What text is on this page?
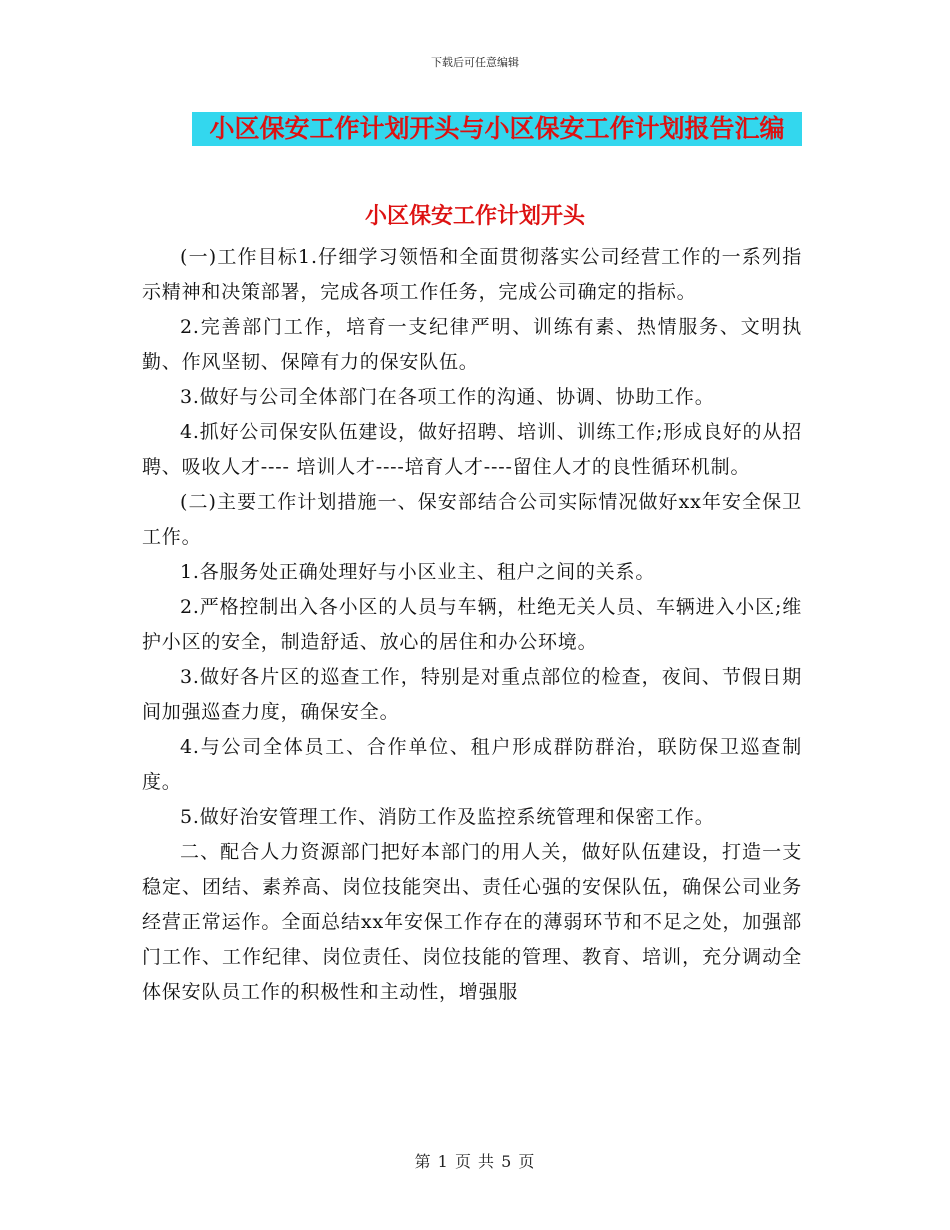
下载后可任意编辑
小区保安工作计划开头与小区保安工作计划报告汇编
小区保安工作计划开头

(一)工作目标1.仔细学习领悟和全面贯彻落实公司经营工作的一系列指示精神和决策部署，完成各项工作任务，完成公司确定的指标。

2.完善部门工作，培育一支纪律严明、训练有素、热情服务、文明执勤、作风坚韧、保障有力的保安队伍。

3.做好与公司全体部门在各项工作的沟通、协调、协助工作。

4.抓好公司保安队伍建设，做好招聘、培训、训练工作;形成良好的从招聘、吸收人才---- 培训人才----培育人才----留住人才的良性循环机制。

(二)主要工作计划措施一、保安部结合公司实际情况做好xx年安全保卫工作。

1.各服务处正确处理好与小区业主、租户之间的关系。

2.严格控制出入各小区的人员与车辆，杜绝无关人员、车辆进入小区;维护小区的安全，制造舒适、放心的居住和办公环境。

3.做好各片区的巡查工作，特别是对重点部位的检查，夜间、节假日期间加强巡查力度，确保安全。

4.与公司全体员工、合作单位、租户形成群防群治，联防保卫巡查制度。

5.做好治安管理工作、消防工作及监控系统管理和保密工作。

二、配合人力资源部门把好本部门的用人关，做好队伍建设，打造一支稳定、团结、素养高、岗位技能突出、责任心强的安保队伍，确保公司业务经营正常运作。全面总结xx年安保工作存在的薄弱环节和不足之处，加强部门工作、工作纪律、岗位责任、岗位技能的管理、教育、培训，充分调动全体保安队员工作的积极性和主动性，增强服

第 1 页 共 5 页
